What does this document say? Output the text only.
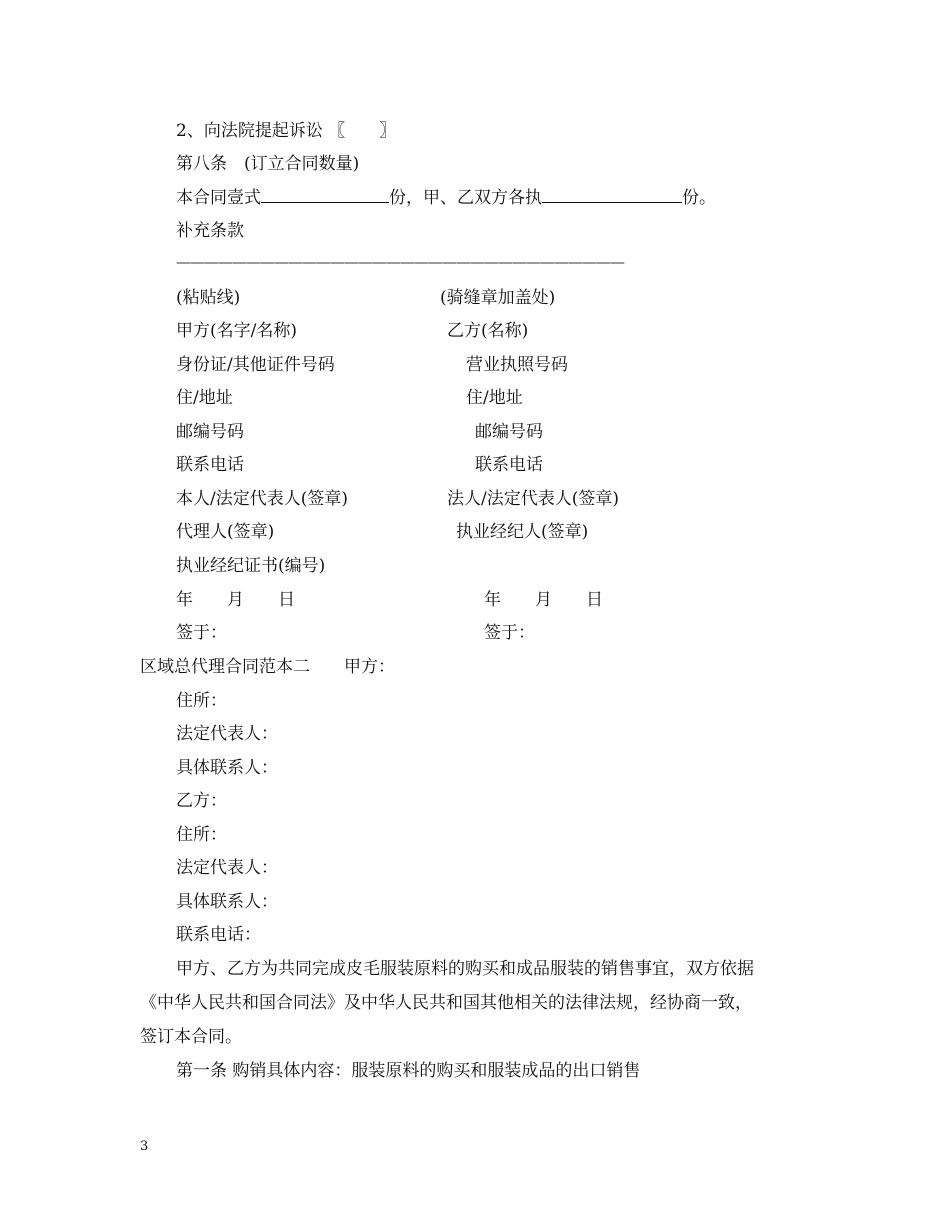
2、向法院提起诉讼 〖　　〗
第八条　(订立合同数量)
本合同壹式	份，甲、乙双方各执	份。
补充条款
————————————————————————————————
(粘贴线)	(骑缝章加盖处)
甲方(名字/名称)	乙方(名称)
身份证/其他证件号码	营业执照号码
住/地址	住/地址
邮编号码	邮编号码
联系电话	联系电话
本人/法定代表人(签章)	法人/法定代表人(签章)
代理人(签章)	执业经纪人(签章)
执业经纪证书(编号)
年　　月　　日	年　　月　　日
签于：	签于：
区域总代理合同范本二　　甲方：
住所：
法定代表人：
具体联系人：
乙方：
住所：
法定代表人：
具体联系人：
联系电话：
甲方、乙方为共同完成皮毛服装原料的购买和成品服装的销售事宜，双方依据
《中华人民共和国合同法》及中华人民共和国其他相关的法律法规，经协商一致，
签订本合同。
第一条 购销具体内容：服装原料的购买和服装成品的出口销售
3
